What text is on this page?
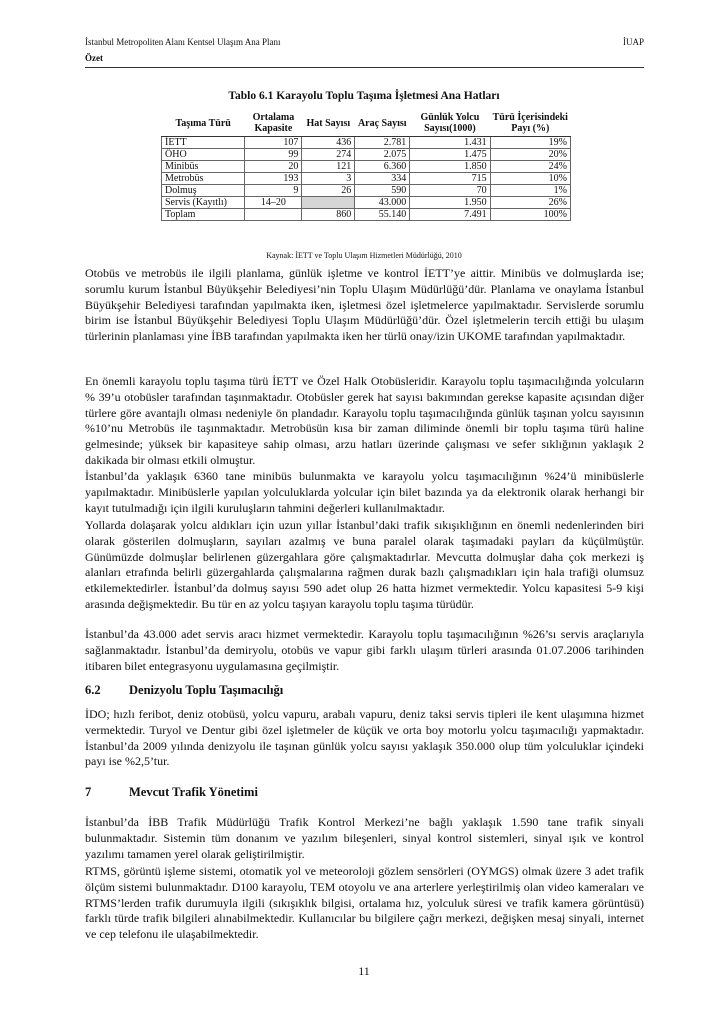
İstanbul Metropoliten Alanı Kentsel Ulaşım Ana Planı	İUAP
Özet
Tablo 6.1 Karayolu Toplu Taşıma İşletmesi Ana Hatları
Taşıma Türü	Ortalama Kapasite	Hat Sayısı	Araç Sayısı	Günlük Yolcu Sayısı(1000)	Türü İçerisindeki Payı (%)
İETT	107	436	2.781	1.431	19%
ÖHO	99	274	2.075	1.475	20%
Minibüs	20	121	6.360	1.850	24%
Metrobüs	193	3	334	715	10%
Dolmuş	9	26	590	70	1%
Servis (Kayıtlı)	14–20		43.000	1.950	26%
Toplam		860	55.140	7.491	100%
Kaynak: İETT ve Toplu Ulaşım Hizmetleri Müdürlüğü, 2010
Otobüs ve metrobüs ile ilgili planlama, günlük işletme ve kontrol İETT’ye aittir. Minibüs ve dolmuşlarda ise; sorumlu kurum İstanbul Büyükşehir Belediyesi’nin Toplu Ulaşım Müdürlüğü’dür. Planlama ve onaylama İstanbul Büyükşehir Belediyesi tarafından yapılmakta iken, işletmesi özel işletmelerce yapılmaktadır. Servislerde sorumlu birim ise İstanbul Büyükşehir Belediyesi Toplu Ulaşım Müdürlüğü’dür. Özel işletmelerin tercih ettiği bu ulaşım türlerinin planlaması yine İBB tarafından yapılmakta iken her türlü onay/izin UKOME tarafından yapılmaktadır.
En önemli karayolu toplu taşıma türü İETT ve Özel Halk Otobüsleridir. Karayolu toplu taşımacılığında yolcuların % 39’u otobüsler tarafından taşınmaktadır. Otobüsler gerek hat sayısı bakımından gerekse kapasite açısından diğer türlere göre avantajlı olması nedeniyle ön plandadır. Karayolu toplu taşımacılığında günlük taşınan yolcu sayısının %10’nu Metrobüs ile taşınmaktadır. Metrobüsün kısa bir zaman diliminde önemli bir toplu taşıma türü haline gelmesinde; yüksek bir kapasiteye sahip olması, arzu hatları üzerinde çalışması ve sefer sıklığının yaklaşık 2 dakikada bir olması etkili olmuştur.
İstanbul’da yaklaşık 6360 tane minibüs bulunmakta ve karayolu yolcu taşımacılığının %24’ü minibüslerle yapılmaktadır. Minibüslerle yapılan yolculuklarda yolcular için bilet bazında ya da elektronik olarak herhangi bir kayıt tutulmadığı için ilgili kuruluşların tahmini değerleri kullanılmaktadır.
Yollarda dolaşarak yolcu aldıkları için uzun yıllar İstanbul’daki trafik sıkışıklığının en önemli nedenlerinden biri olarak gösterilen dolmuşların, sayıları azalmış ve buna paralel olarak taşımadaki payları da küçülmüştür. Günümüzde dolmuşlar belirlenen güzergahlara göre çalışmaktadırlar. Mevcutta dolmuşlar daha çok merkezi iş alanları etrafında belirli güzergahlarda çalışmalarına rağmen durak bazlı çalışmadıkları için hala trafiği olumsuz etkilemektedirler. İstanbul’da dolmuş sayısı 590 adet olup 26 hatta hizmet vermektedir. Yolcu kapasitesi 5-9 kişi arasında değişmektedir. Bu tür en az yolcu taşıyan karayolu toplu taşıma türüdür.
İstanbul’da 43.000 adet servis aracı hizmet vermektedir. Karayolu toplu taşımacılığının %26’sı servis araçlarıyla sağlanmaktadır. İstanbul’da demiryolu, otobüs ve vapur gibi farklı ulaşım türleri arasında 01.07.2006 tarihinden itibaren bilet entegrasyonu uygulamasına geçilmiştir.
6.2 Denizyolu Toplu Taşımacılığı
İDO; hızlı feribot, deniz otobüsü, yolcu vapuru, arabalı vapuru, deniz taksi servis tipleri ile kent ulaşımına hizmet vermektedir. Turyol ve Dentur gibi özel işletmeler de küçük ve orta boy motorlu yolcu taşımacılığı yapmaktadır. İstanbul’da 2009 yılında denizyolu ile taşınan günlük yolcu sayısı yaklaşık 350.000 olup tüm yolculuklar içindeki payı ise %2,5’tur.
7	Mevcut Trafik Yönetimi
İstanbul’da İBB Trafik Müdürlüğü Trafik Kontrol Merkezi’ne bağlı yaklaşık 1.590 tane trafik sinyali bulunmaktadır. Sistemin tüm donanım ve yazılım bileşenleri, sinyal kontrol sistemleri, sinyal ışık ve kontrol yazılımı tamamen yerel olarak geliştirilmiştir.
RTMS, görüntü işleme sistemi, otomatik yol ve meteoroloji gözlem sensörleri (OYMGS) olmak üzere 3 adet trafik ölçüm sistemi bulunmaktadır. D100 karayolu, TEM otoyolu ve ana arterlere yerleştirilmiş olan video kameraları ve RTMS’lerden trafik durumuyla ilgili (sıkışıklık bilgisi, ortalama hız, yolculuk süresi ve trafik kamera görüntüsü) farklı türde trafik bilgileri alınabilmektedir. Kullanıcılar bu bilgilere çağrı merkezi, değişken mesaj sinyali, internet ve cep telefonu ile ulaşabilmektedir.
11
